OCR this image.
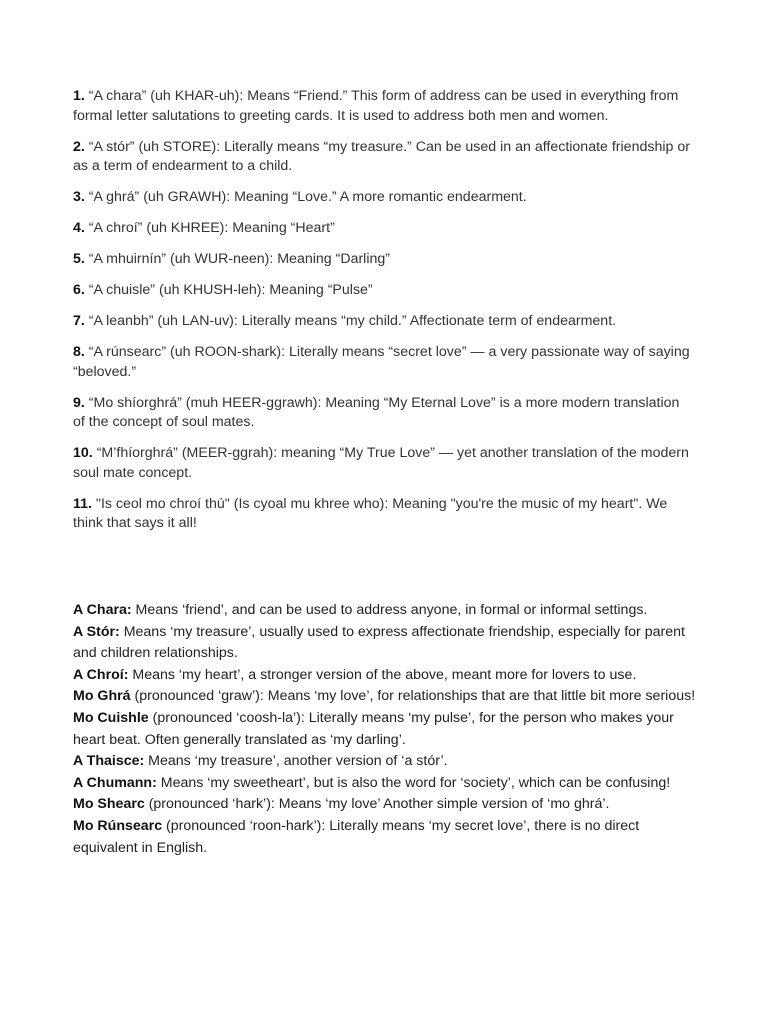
1. “A chara” (uh KHAR-uh): Means “Friend.” This form of address can be used in everything from formal letter salutations to greeting cards. It is used to address both men and women.

2. “A stór” (uh STORE): Literally means “my treasure.” Can be used in an affectionate friendship or as a term of endearment to a child.

3. “A ghrá” (uh GRAWH): Meaning “Love.” A more romantic endearment.

4. “A chroí” (uh KHREE): Meaning “Heart”

5. “A mhuirnín” (uh WUR-neen): Meaning “Darling”

6. “A chuisle” (uh KHUSH-leh): Meaning “Pulse”

7. “A leanbh” (uh LAN-uv): Literally means “my child.” Affectionate term of endearment.

8. “A rúnsearc” (uh ROON-shark): Literally means “secret love” — a very passionate way of saying “beloved.”

9. “Mo shíorghrá” (muh HEER-ggrawh): Meaning “My Eternal Love” is a more modern translation of the concept of soul mates.

10. “M’fhíorghrá” (MEER-ggrah): meaning “My True Love” — yet another translation of the modern soul mate concept.

11. "Is ceol mo chroí thú" (Is cyoal mu khree who): Meaning "you're the music of my heart". We think that says it all!

A Chara: Means ‘friend’, and can be used to address anyone, in formal or informal settings.

A Stór: Means ‘my treasure’, usually used to express affectionate friendship, especially for parent and children relationships.

A Chroí: Means ‘my heart’, a stronger version of the above, meant more for lovers to use.

Mo Ghrá (pronounced ‘graw’): Means ‘my love’, for relationships that are that little bit more serious!

Mo Cuishle (pronounced ‘coosh-la’): Literally means ‘my pulse’, for the person who makes your heart beat. Often generally translated as ‘my darling’.

A Thaisce: Means ‘my treasure’, another version of ‘a stór’.

A Chumann: Means ‘my sweetheart’, but is also the word for ‘society’, which can be confusing!

Mo Shearc (pronounced ‘hark’): Means ‘my love’ Another simple version of ‘mo ghrá’.

Mo Rúnsearc (pronounced ‘roon-hark’): Literally means ‘my secret love’, there is no direct equivalent in English.
